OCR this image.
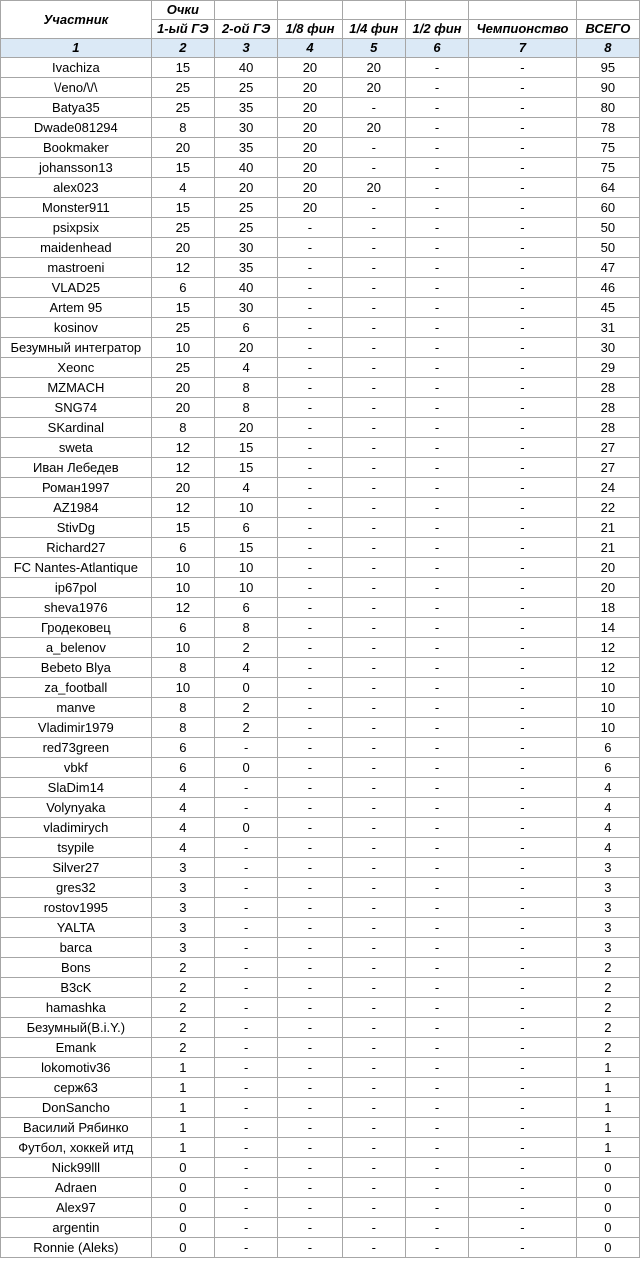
Участник	Очки						
	1-ый ГЭ	2-ой ГЭ	1/8 фин	1/4 фин	1/2 фин	Чемпионство	ВСЕГО
1	2	3	4	5	6	7	8
Ivachiza	15	40	20	20	-	-	95
\/eno/\/\	25	25	20	20	-	-	90
Batya35	25	35	20	-	-	-	80
Dwade081294	8	30	20	20	-	-	78
Bookmaker	20	35	20	-	-	-	75
johansson13	15	40	20	-	-	-	75
alex023	4	20	20	20	-	-	64
Monster911	15	25	20	-	-	-	60
psixpsix	25	25	-	-	-	-	50
maidenhead	20	30	-	-	-	-	50
mastroeni	12	35	-	-	-	-	47
VLAD25	6	40	-	-	-	-	46
Artem 95	15	30	-	-	-	-	45
kosinov	25	6	-	-	-	-	31
Безумный интегратор	10	20	-	-	-	-	30
Xeonc	25	4	-	-	-	-	29
MZMACH	20	8	-	-	-	-	28
SNG74	20	8	-	-	-	-	28
SKardinal	8	20	-	-	-	-	28
sweta	12	15	-	-	-	-	27
Иван Лебедев	12	15	-	-	-	-	27
Роман1997	20	4	-	-	-	-	24
AZ1984	12	10	-	-	-	-	22
StivDg	15	6	-	-	-	-	21
Richard27	6	15	-	-	-	-	21
FC Nantes-Atlantique	10	10	-	-	-	-	20
ip67pol	10	10	-	-	-	-	20
sheva1976	12	6	-	-	-	-	18
Гродековец	6	8	-	-	-	-	14
a_belenov	10	2	-	-	-	-	12
Bebeto Blya	8	4	-	-	-	-	12
za_football	10	0	-	-	-	-	10
manve	8	2	-	-	-	-	10
Vladimir1979	8	2	-	-	-	-	10
red73green	6	-	-	-	-	-	6
vbkf	6	0	-	-	-	-	6
SlaDim14	4	-	-	-	-	-	4
Volynyaka	4	-	-	-	-	-	4
vladimirych	4	0	-	-	-	-	4
tsypile	4	-	-	-	-	-	4
Silver27	3	-	-	-	-	-	3
gres32	3	-	-	-	-	-	3
rostov1995	3	-	-	-	-	-	3
YALTA	3	-	-	-	-	-	3
barca	3	-	-	-	-	-	3
Bons	2	-	-	-	-	-	2
B3cK	2	-	-	-	-	-	2
hamashka	2	-	-	-	-	-	2
Безумный(B.i.Y.)	2	-	-	-	-	-	2
Emank	2	-	-	-	-	-	2
lokomotiv36	1	-	-	-	-	-	1
серж63	1	-	-	-	-	-	1
DonSancho	1	-	-	-	-	-	1
Василий Рябинко	1	-	-	-	-	-	1
Футбол, хоккей итд	1	-	-	-	-	-	1
Nick99lll	0	-	-	-	-	-	0
Adraen	0	-	-	-	-	-	0
Alex97	0	-	-	-	-	-	0
argentin	0	-	-	-	-	-	0
Ronnie (Aleks)	0	-	-	-	-	-	0
